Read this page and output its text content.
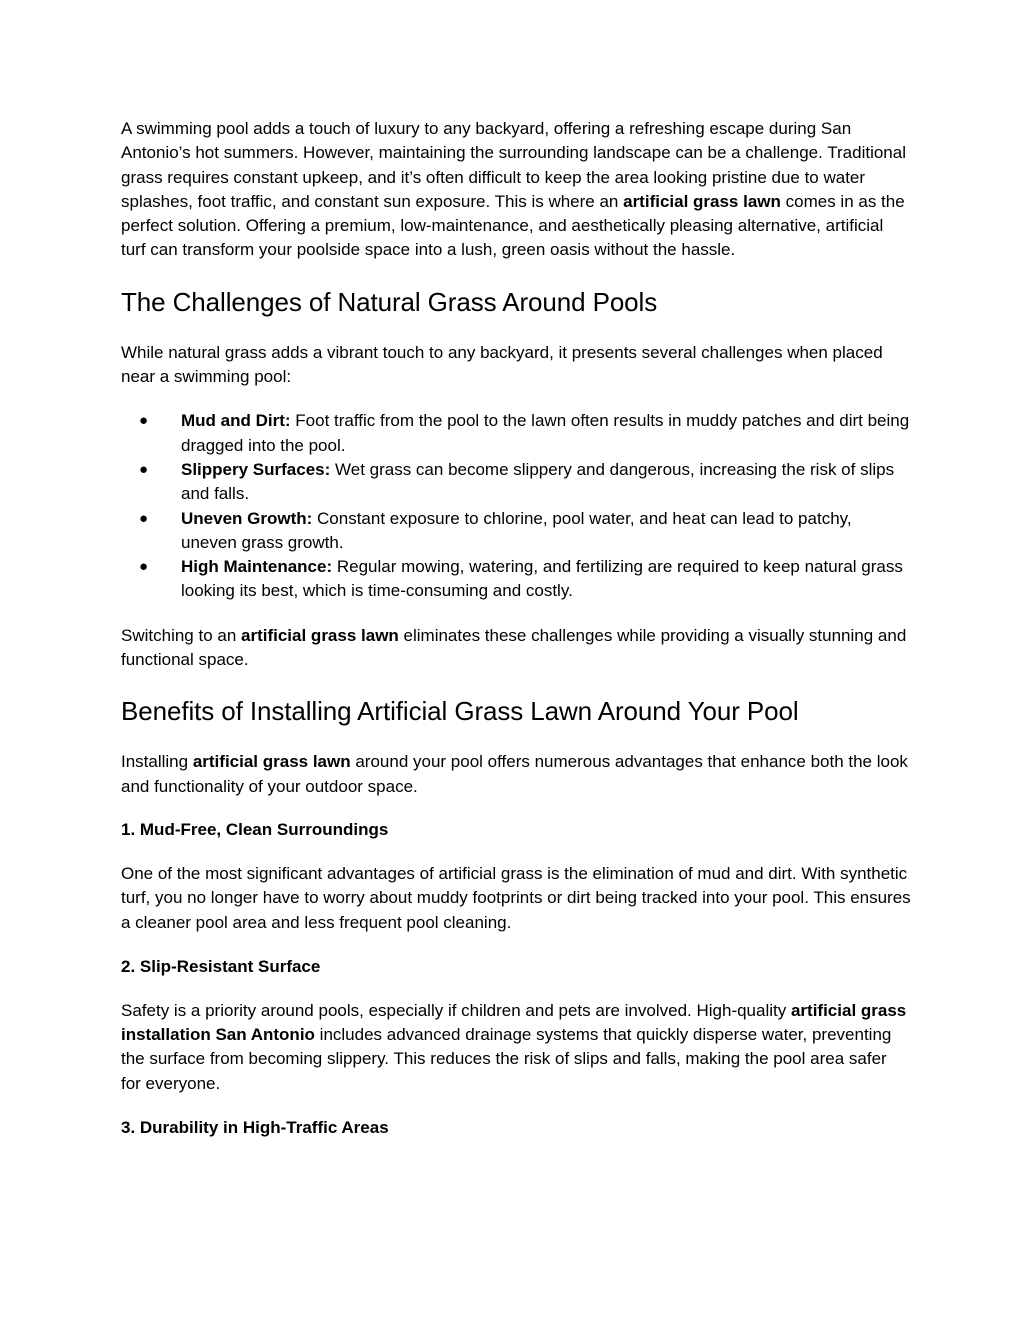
A swimming pool adds a touch of luxury to any backyard, offering a refreshing escape during San Antonio’s hot summers. However, maintaining the surrounding landscape can be a challenge. Traditional grass requires constant upkeep, and it’s often difficult to keep the area looking pristine due to water splashes, foot traffic, and constant sun exposure. This is where an artificial grass lawn comes in as the perfect solution. Offering a premium, low-maintenance, and aesthetically pleasing alternative, artificial turf can transform your poolside space into a lush, green oasis without the hassle.

The Challenges of Natural Grass Around Pools

While natural grass adds a vibrant touch to any backyard, it presents several challenges when placed near a swimming pool:

● Mud and Dirt: Foot traffic from the pool to the lawn often results in muddy patches and dirt being dragged into the pool.
● Slippery Surfaces: Wet grass can become slippery and dangerous, increasing the risk of slips and falls.
● Uneven Growth: Constant exposure to chlorine, pool water, and heat can lead to patchy, uneven grass growth.
● High Maintenance: Regular mowing, watering, and fertilizing are required to keep natural grass looking its best, which is time-consuming and costly.

Switching to an artificial grass lawn eliminates these challenges while providing a visually stunning and functional space.

Benefits of Installing Artificial Grass Lawn Around Your Pool

Installing artificial grass lawn around your pool offers numerous advantages that enhance both the look and functionality of your outdoor space.

1. Mud-Free, Clean Surroundings

One of the most significant advantages of artificial grass is the elimination of mud and dirt. With synthetic turf, you no longer have to worry about muddy footprints or dirt being tracked into your pool. This ensures a cleaner pool area and less frequent pool cleaning.

2. Slip-Resistant Surface

Safety is a priority around pools, especially if children and pets are involved. High-quality artificial grass installation San Antonio includes advanced drainage systems that quickly disperse water, preventing the surface from becoming slippery. This reduces the risk of slips and falls, making the pool area safer for everyone.

3. Durability in High-Traffic Areas
